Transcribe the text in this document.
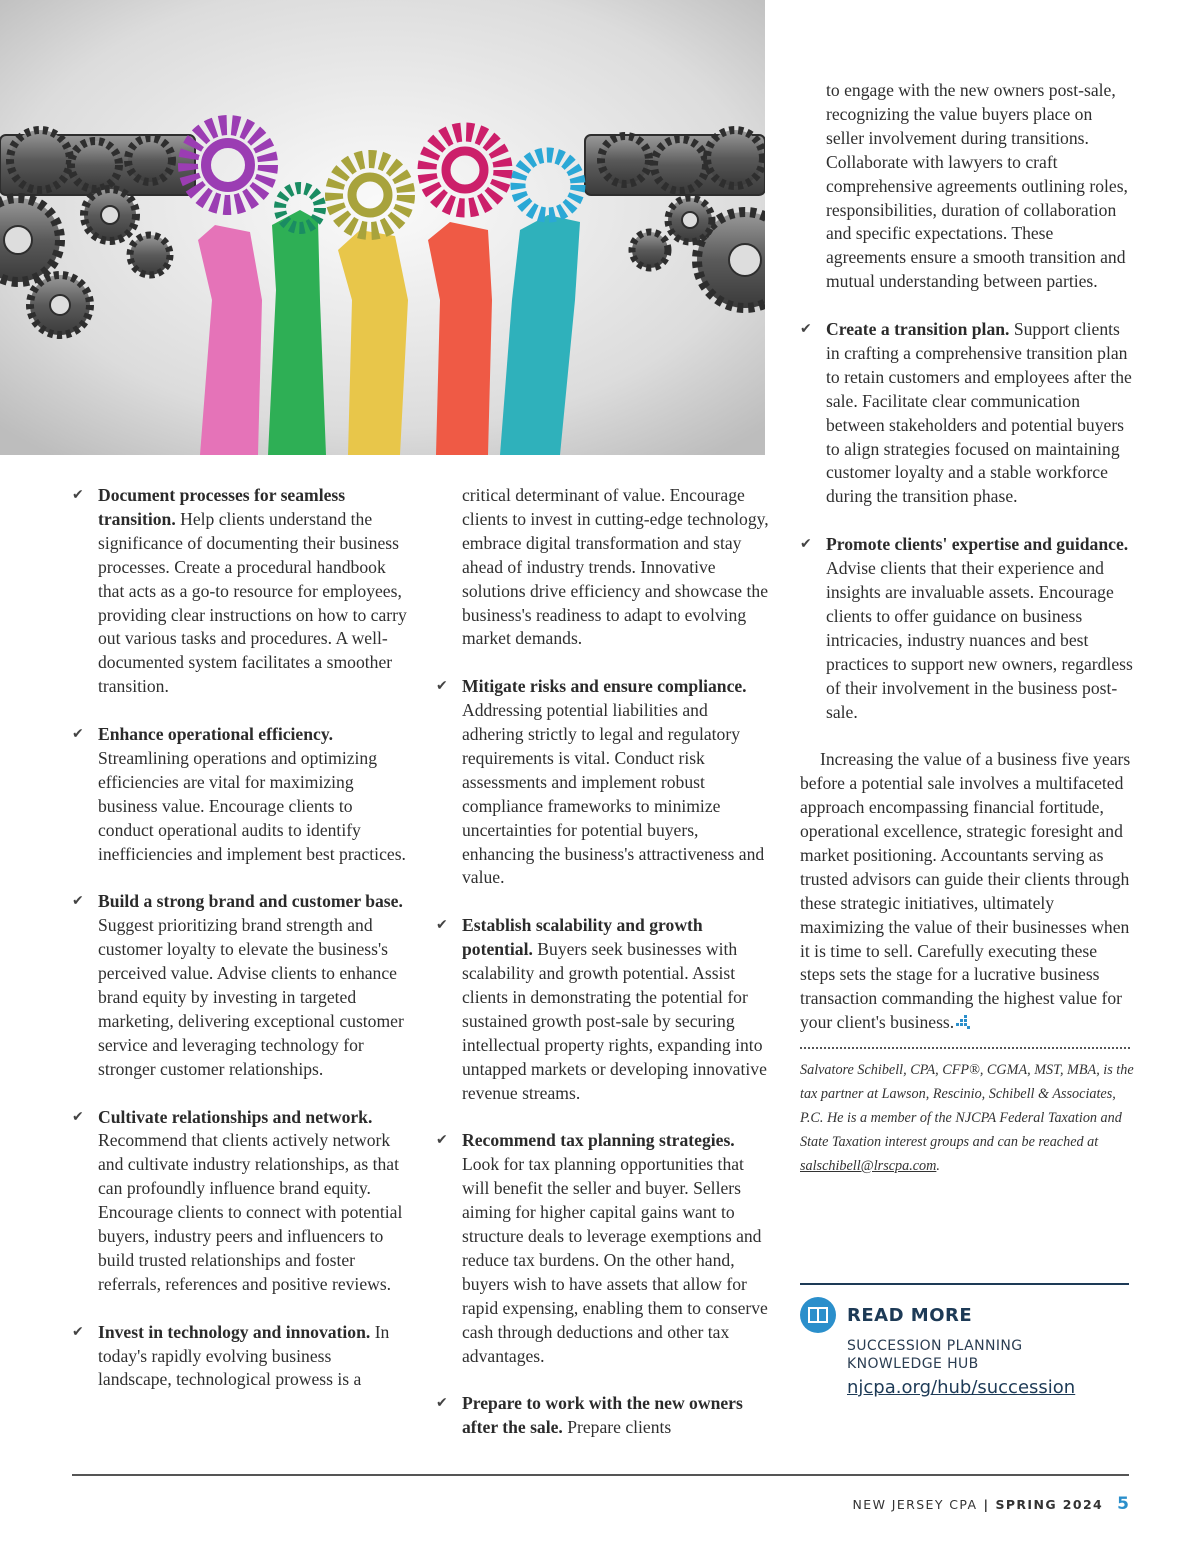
✔ Document processes for seamless transition. Help clients understand the significance of documenting their business processes. Create a procedural handbook that acts as a go-to resource for employees, providing clear instructions on how to carry out various tasks and procedures. A well-documented system facilitates a smoother transition.
✔ Enhance operational efficiency. Streamlining operations and optimizing efficiencies are vital for maximizing business value. Encourage clients to conduct operational audits to identify inefficiencies and implement best practices.
✔ Build a strong brand and customer base. Suggest prioritizing brand strength and customer loyalty to elevate the business's perceived value. Advise clients to enhance brand equity by investing in targeted marketing, delivering exceptional customer service and leveraging technology for stronger customer relationships.
✔ Cultivate relationships and network. Recommend that clients actively network and cultivate industry relationships, as that can profoundly influence brand equity. Encourage clients to connect with potential buyers, industry peers and influencers to build trusted relationships and foster referrals, references and positive reviews.
✔ Invest in technology and innovation. In today's rapidly evolving business landscape, technological prowess is a
critical determinant of value. Encourage clients to invest in cutting-edge technology, embrace digital transformation and stay ahead of industry trends. Innovative solutions drive efficiency and showcase the business's readiness to adapt to evolving market demands.
✔ Mitigate risks and ensure compliance. Addressing potential liabilities and adhering strictly to legal and regulatory requirements is vital. Conduct risk assessments and implement robust compliance frameworks to minimize uncertainties for potential buyers, enhancing the business's attractiveness and value.
✔ Establish scalability and growth potential. Buyers seek businesses with scalability and growth potential. Assist clients in demonstrating the potential for sustained growth post-sale by securing intellectual property rights, expanding into untapped markets or developing innovative revenue streams.
✔ Recommend tax planning strategies. Look for tax planning opportunities that will benefit the seller and buyer. Sellers aiming for higher capital gains want to structure deals to leverage exemptions and reduce tax burdens. On the other hand, buyers wish to have assets that allow for rapid expensing, enabling them to conserve cash through deductions and other tax advantages.
✔ Prepare to work with the new owners after the sale. Prepare clients
to engage with the new owners post-sale, recognizing the value buyers place on seller involvement during transitions. Collaborate with lawyers to craft comprehensive agreements outlining roles, responsibilities, duration of collaboration and specific expectations. These agreements ensure a smooth transition and mutual understanding between parties.
✔ Create a transition plan. Support clients in crafting a comprehensive transition plan to retain customers and employees after the sale. Facilitate clear communication between stakeholders and potential buyers to align strategies focused on maintaining customer loyalty and a stable workforce during the transition phase.
✔ Promote clients' expertise and guidance. Advise clients that their experience and insights are invaluable assets. Encourage clients to offer guidance on business intricacies, industry nuances and best practices to support new owners, regardless of their involvement in the business post-sale.

Increasing the value of a business five years before a potential sale involves a multifaceted approach encompassing financial fortitude, operational excellence, strategic foresight and market positioning. Accountants serving as trusted advisors can guide their clients through these strategic initiatives, ultimately maximizing the value of their businesses when it is time to sell. Carefully executing these steps sets the stage for a lucrative business transaction commanding the highest value for your client's business.

Salvatore Schibell, CPA, CFP®, CGMA, MST, MBA, is the tax partner at Lawson, Rescinio, Schibell & Associates, P.C. He is a member of the NJCPA Federal Taxation and State Taxation interest groups and can be reached at salschibell@lrscpa.com.

READ MORE

SUCCESSION PLANNING KNOWLEDGE HUB

njcpa.org/hub/succession
NEW JERSEY CPA | SPRING 2024 5
